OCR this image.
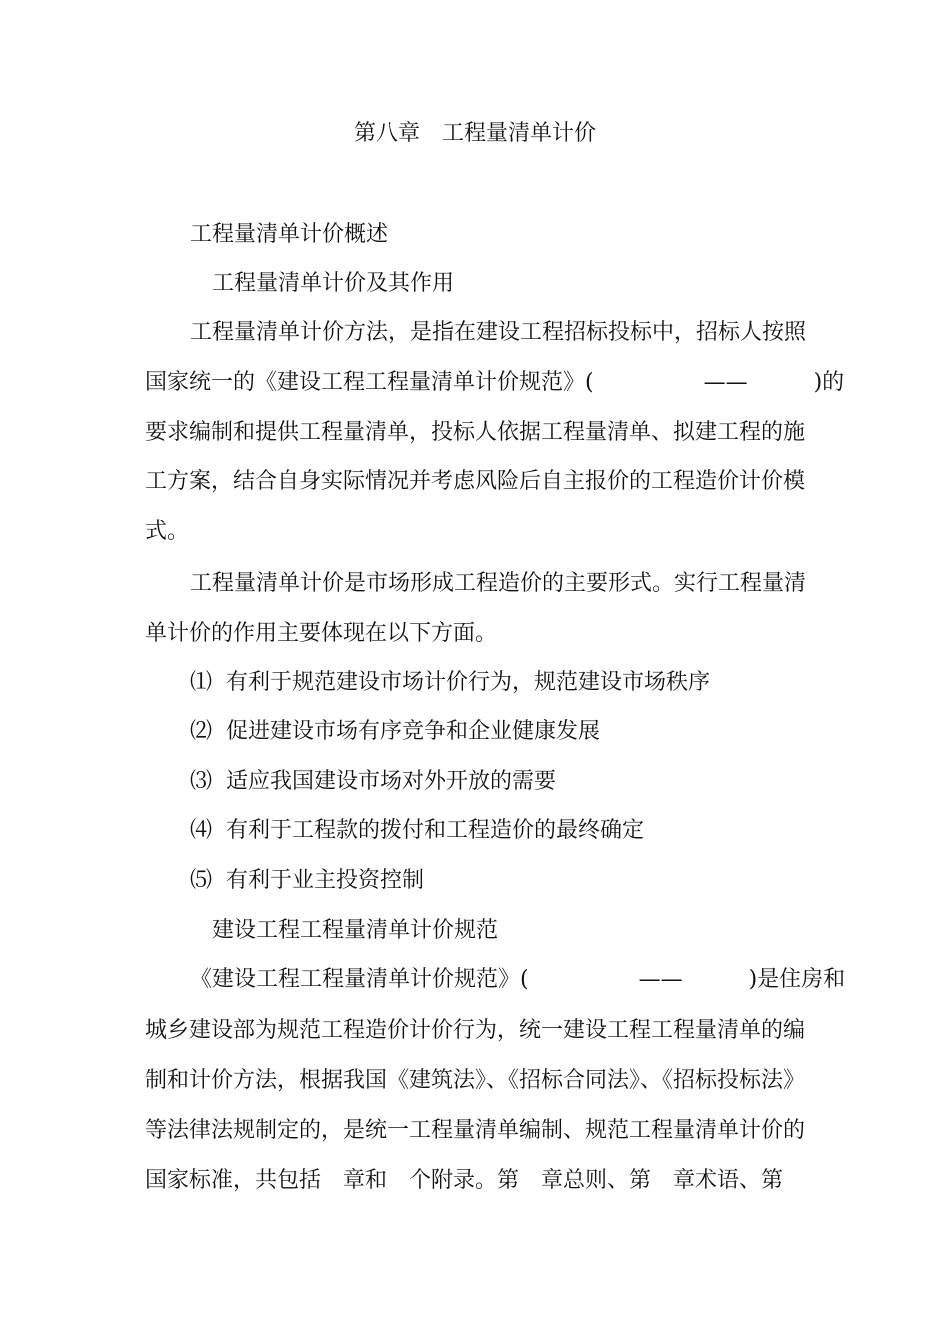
第八章　工程量清单计价
工程量清单计价概述
工程量清单计价及其作用
工程量清单计价方法，是指在建设工程招标投标中，招标人按照
国家统一的《建设工程工程量清单计价规范》(　　　　　——　　　)的
要求编制和提供工程量清单，投标人依据工程量清单、拟建工程的施
工方案，结合自身实际情况并考虑风险后自主报价的工程造价计价模
式。
工程量清单计价是市场形成工程造价的主要形式。实行工程量清
单计价的作用主要体现在以下方面。
⑴  有利于规范建设市场计价行为，规范建设市场秩序
⑵  促进建设市场有序竞争和企业健康发展
⑶  适应我国建设市场对外开放的需要
⑷  有利于工程款的拨付和工程造价的最终确定
⑸  有利于业主投资控制
建设工程工程量清单计价规范
《建设工程工程量清单计价规范》(　　　　　——　　　)是住房和
城乡建设部为规范工程造价计价行为，统一建设工程工程量清单的编
制和计价方法，根据我国《建筑法》、《招标合同法》、《招标投标法》
等法律法规制定的，是统一工程量清单编制、规范工程量清单计价的
国家标准，共包括　章和　个附录。第　章总则、第　章术语、第
